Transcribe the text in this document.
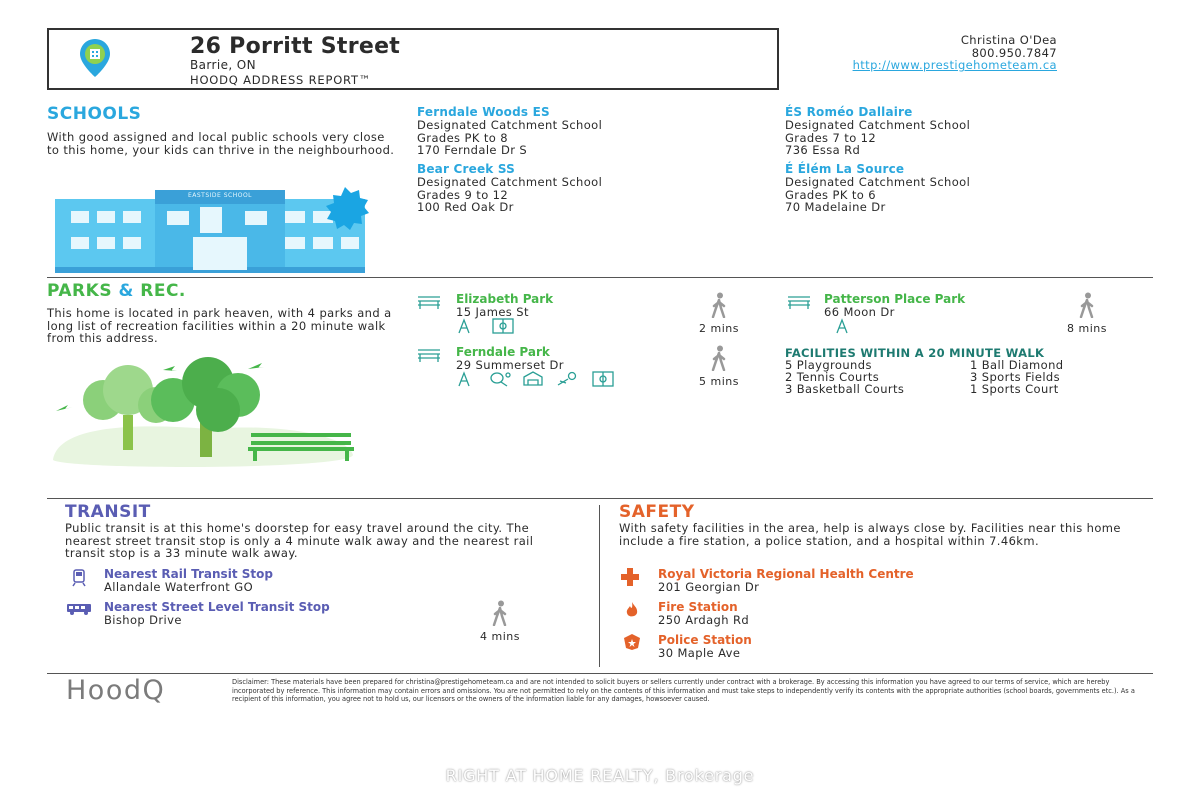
26 Porritt Street
Barrie, ON
HOODQ ADDRESS REPORT™
Christina O'Dea
800.950.7847
http://www.prestigehometeam.ca
SCHOOLS
With good assigned and local public schools very close to this home, your kids can thrive in the neighbourhood.
EASTSIDE SCHOOL
Ferndale Woods ES
Designated Catchment School
Grades PK to 8
170 Ferndale Dr S
Bear Creek SS
Designated Catchment School
Grades 9 to 12
100 Red Oak Dr
ÉS Roméo Dallaire
Designated Catchment School
Grades 7 to 12
736 Essa Rd
É Élém La Source
Designated Catchment School
Grades PK to 6
70 Madelaine Dr
PARKS & REC.
This home is located in park heaven, with 4 parks and a long list of recreation facilities within a 20 minute walk from this address.
Elizabeth Park
15 James St
2 mins
Ferndale Park
29 Summerset Dr
5 mins
Patterson Place Park
66 Moon Dr
8 mins
FACILITIES WITHIN A 20 MINUTE WALK
5 Playgrounds	1 Ball Diamond
2 Tennis Courts	3 Sports Fields
3 Basketball Courts	1 Sports Court
TRANSIT
Public transit is at this home's doorstep for easy travel around the city. The nearest street transit stop is only a 4 minute walk away and the nearest rail transit stop is a 33 minute walk away.
Nearest Rail Transit Stop
Allandale Waterfront GO
Nearest Street Level Transit Stop
Bishop Drive
4 mins
SAFETY
With safety facilities in the area, help is always close by. Facilities near this home include a fire station, a police station, and a hospital within 7.46km.
Royal Victoria Regional Health Centre
201 Georgian Dr
Fire Station
250 Ardagh Rd
Police Station
30 Maple Ave
HoodQ	Disclaimer: These materials have been prepared for christina@prestigehometeam.ca and are not intended to solicit buyers or sellers currently under contract with a brokerage. By accessing this information you have agreed to our terms of service, which are hereby incorporated by reference. This information may contain errors and omissions. You are not permitted to rely on the contents of this information and must take steps to independently verify its contents with the appropriate authorities (school boards, governments etc.). As a recipient of this information, you agree not to hold us, our licensors or the owners of the information liable for any damages, howsoever caused.
RIGHT AT HOME REALTY, Brokerage
